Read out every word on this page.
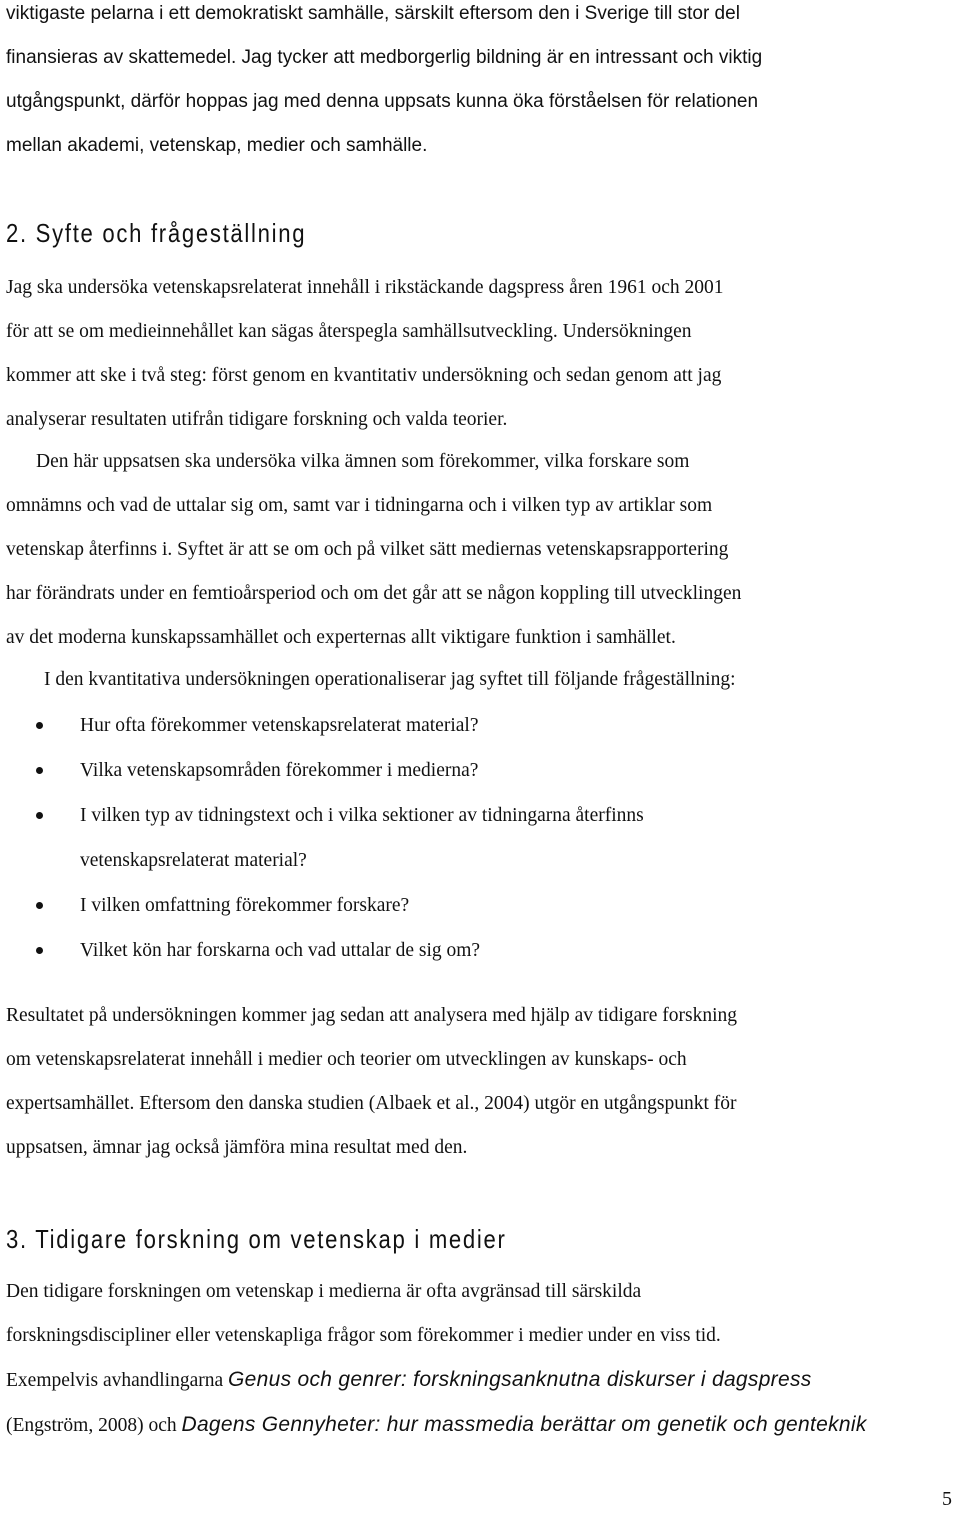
viktigaste pelarna i ett demokratiskt samhälle, särskilt eftersom den i Sverige till stor del
finansieras av skattemedel. Jag tycker att medborgerlig bildning är en intressant och viktig
utgångspunkt, därför hoppas jag med denna uppsats kunna öka förståelsen för relationen
mellan akademi, vetenskap, medier och samhälle.
2. Syfte och frågeställning
Jag ska undersöka vetenskapsrelaterat innehåll i rikstäckande dagspress åren 1961 och 2001
för att se om medieinnehållet kan sägas återspegla samhällsutveckling. Undersökningen
kommer att ske i två steg: först genom en kvantitativ undersökning och sedan genom att jag
analyserar resultaten utifrån tidigare forskning och valda teorier.
Den här uppsatsen ska undersöka vilka ämnen som förekommer, vilka forskare som
omnämns och vad de uttalar sig om, samt var i tidningarna och i vilken typ av artiklar som
vetenskap återfinns i. Syftet är att se om och på vilket sätt mediernas vetenskapsrapportering
har förändrats under en femtioårsperiod och om det går att se någon koppling till utvecklingen
av det moderna kunskapssamhället och experternas allt viktigare funktion i samhället.
I den kvantitativa undersökningen operationaliserar jag syftet till följande frågeställning:
Hur ofta förekommer vetenskapsrelaterat material?
Vilka vetenskapsområden förekommer i medierna?
I vilken typ av tidningstext och i vilka sektioner av tidningarna återfinns
vetenskapsrelaterat material?
I vilken omfattning förekommer forskare?
Vilket kön har forskarna och vad uttalar de sig om?
Resultatet på undersökningen kommer jag sedan att analysera med hjälp av tidigare forskning
om vetenskapsrelaterat innehåll i medier och teorier om utvecklingen av kunskaps- och
expertsamhället. Eftersom den danska studien (Albaek et al., 2004) utgör en utgångspunkt för
uppsatsen, ämnar jag också jämföra mina resultat med den.
3. Tidigare forskning om vetenskap i medier
Den tidigare forskningen om vetenskap i medierna är ofta avgränsad till särskilda
forskningsdiscipliner eller vetenskapliga frågor som förekommer i medier under en viss tid.
Exempelvis avhandlingarna Genus och genrer: forskningsanknutna diskurser i dagspress
(Engström, 2008) och Dagens Gennyheter: hur massmedia berättar om genetik och genteknik
5
